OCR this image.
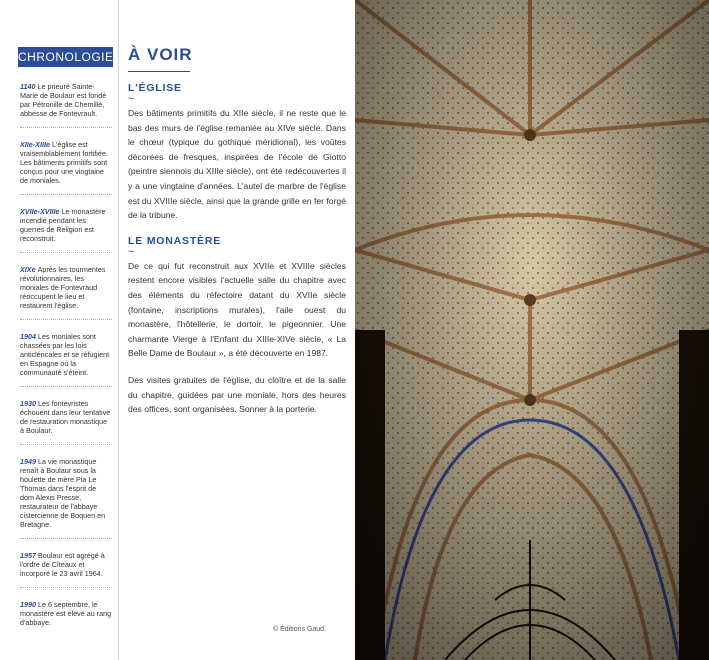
CHRONOLOGIE
1140 Le prieuré Sainte-Marie de Boulaur est fondé par Pétronille de Chemillé, abbesse de Fontevrault.
XIIe-XIIIe L'église est vraisemblablement fortifiée. Les bâtiments primitifs sont conçus pour une vingtaine de moniales.
XVIIe-XVIIIe Le monastère incendié pendant les guerres de Religion est reconstruit.
XIXe Après les tourmentes révolutionnaires, les moniales de Fontevraud réoccupent le lieu et restaurent l'église.
1904 Les moniales sont chassées par les lois anticléricales et se réfugient en Espagne où la communauté s'éteint.
1930 Les fontevristes échouent dans leur tentative de restauration monastique à Boulaur.
1949 La vie monastique renaît à Boulaur sous la houlette de mère Pia Le Thomas dans l'esprit de dom Alexis Presse, restaurateur de l'abbaye cistercienne de Boquen en Bretagne.
1957 Boulaur est agrégé à l'ordre de Cîteaux et incorporé le 23 avril 1964.
1990 Le 6 septembre, le monastère est élevé au rang d'abbaye.
À VOIR
L'ÉGLISE
~

Des bâtiments primitifs du XIIe siècle, il ne reste que le bas des murs de l'église remaniée au XIVe siècle. Dans le chœur (typique du gothique méridional), les voûtes décorées de fresques, inspirées de l'école de Giotto (peintre siennois du XIIIe siècle), ont été redécouvertes il y a une vingtaine d'années. L'autel de marbre de l'église est du XVIIIe siècle, ainsi que la grande grille en fer forgé de la tribune.

LE MONASTÈRE
~

De ce qui fut reconstruit aux XVIIe et XVIIIe siècles restent encore visibles l'actuelle salle du chapitre avec des éléments du réfectoire datant du XVIIe siècle (fontaine, inscriptions murales), l'aile ouest du monastère, l'hôtellerie, le dortoir, le pigeonnier. Une charmante Vierge à l'Enfant du XIIIe-XIVe siècle, « La Belle Dame de Boulaur », a été découverte en 1987.

Des visites gratuites de l'église, du cloître et de la salle du chapitre, guidées par une moniale, hors des heures des offices, sont organisées. Sonner à la porterie.

© Éditions Gaud.
